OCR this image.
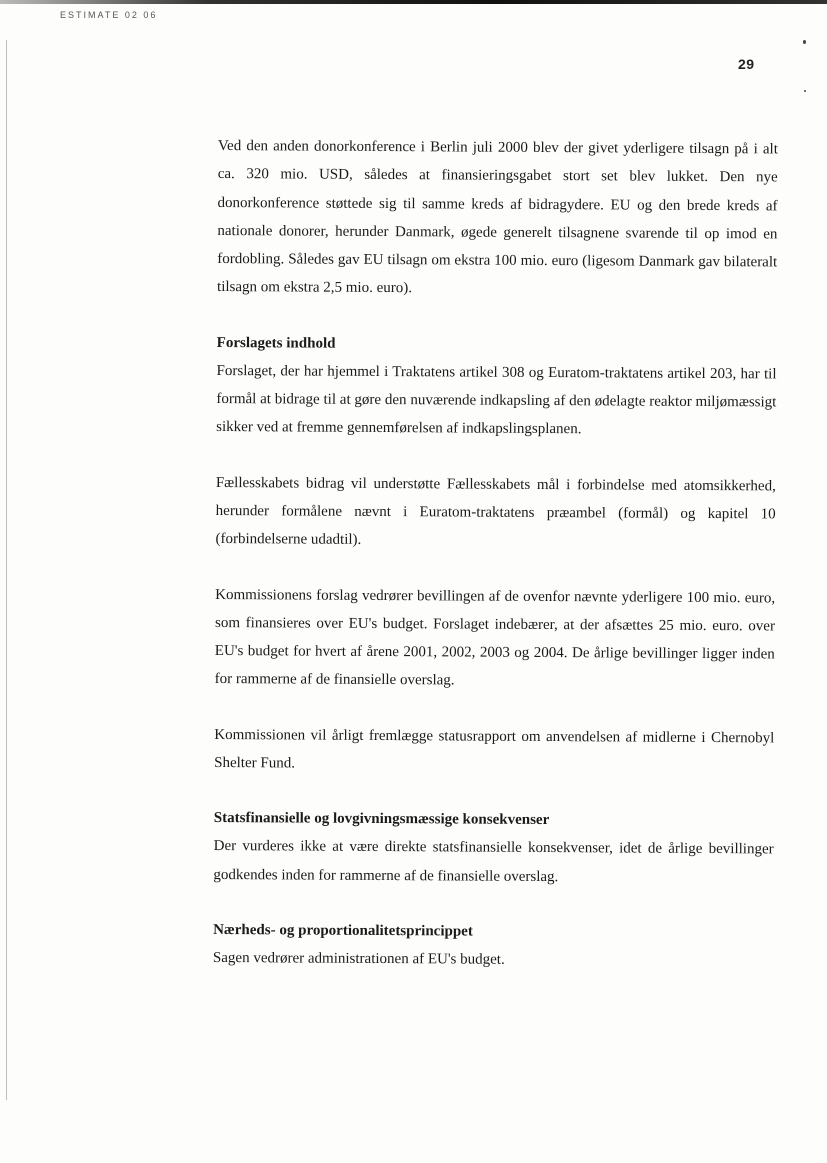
ESTIMATE 02 06
29

Ved den anden donorkonference i Berlin juli 2000 blev der givet yderligere tilsagn på i alt ca. 320 mio. USD, således at finansieringsgabet stort set blev lukket. Den nye donorkonference støttede sig til samme kreds af bidragydere. EU og den brede kreds af nationale donorer, herunder Danmark, øgede generelt tilsagnene svarende til op imod en fordobling. Således gav EU tilsagn om ekstra 100 mio. euro (ligesom Danmark gav bilateralt tilsagn om ekstra 2,5 mio. euro).

Forslagets indhold

Forslaget, der har hjemmel i Traktatens artikel 308 og Euratom-traktatens artikel 203, har til formål at bidrage til at gøre den nuværende indkapsling af den ødelagte reaktor miljømæssigt sikker ved at fremme gennemførelsen af indkapslingsplanen.

Fællesskabets bidrag vil understøtte Fællesskabets mål i forbindelse med atomsikkerhed, herunder formålene nævnt i Euratom-traktatens præambel (formål) og kapitel 10 (forbindelserne udadtil).

Kommissionens forslag vedrører bevillingen af de ovenfor nævnte yderligere 100 mio. euro, som finansieres over EU's budget. Forslaget indebærer, at der afsættes 25 mio. euro. over EU's budget for hvert af årene 2001, 2002, 2003 og 2004. De årlige bevillinger ligger inden for rammerne af de finansielle overslag.

Kommissionen vil årligt fremlægge statusrapport om anvendelsen af midlerne i Chernobyl Shelter Fund.

Statsfinansielle og lovgivningsmæssige konsekvenser

Der vurderes ikke at være direkte statsfinansielle konsekvenser, idet de årlige bevillinger godkendes inden for rammerne af de finansielle overslag.

Nærheds- og proportionalitetsprincippet

Sagen vedrører administrationen af EU's budget.
